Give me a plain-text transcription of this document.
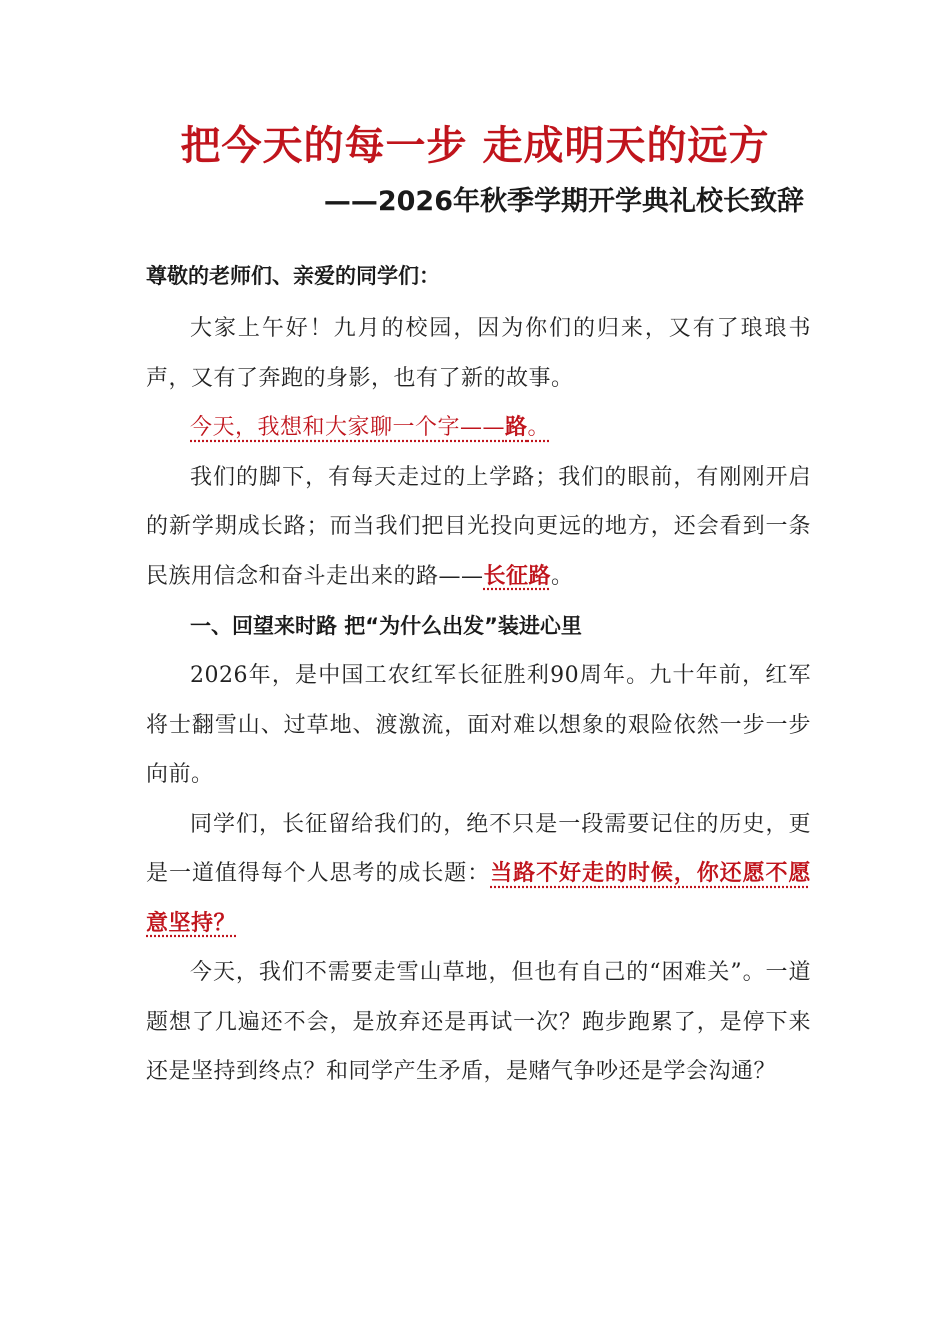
把今天的每一步 走成明天的远方
——2026年秋季学期开学典礼校长致辞

尊敬的老师们、亲爱的同学们：

大家上午好！九月的校园，因为你们的归来，又有了琅琅书声，又有了奔跑的身影，也有了新的故事。

今天，我想和大家聊一个字——路。

我们的脚下，有每天走过的上学路；我们的眼前，有刚刚开启的新学期成长路；而当我们把目光投向更远的地方，还会看到一条民族用信念和奋斗走出来的路——长征路。

一、回望来时路 把“为什么出发”装进心里

2026年，是中国工农红军长征胜利90周年。九十年前，红军将士翻雪山、过草地、渡激流，面对难以想象的艰险依然一步一步向前。

同学们，长征留给我们的，绝不只是一段需要记住的历史，更是一道值得每个人思考的成长题：当路不好走的时候，你还愿不愿意坚持？

今天，我们不需要走雪山草地，但也有自己的“困难关”。一道题想了几遍还不会，是放弃还是再试一次？跑步跑累了，是停下来还是坚持到终点？和同学产生矛盾，是赌气争吵还是学会沟通？
